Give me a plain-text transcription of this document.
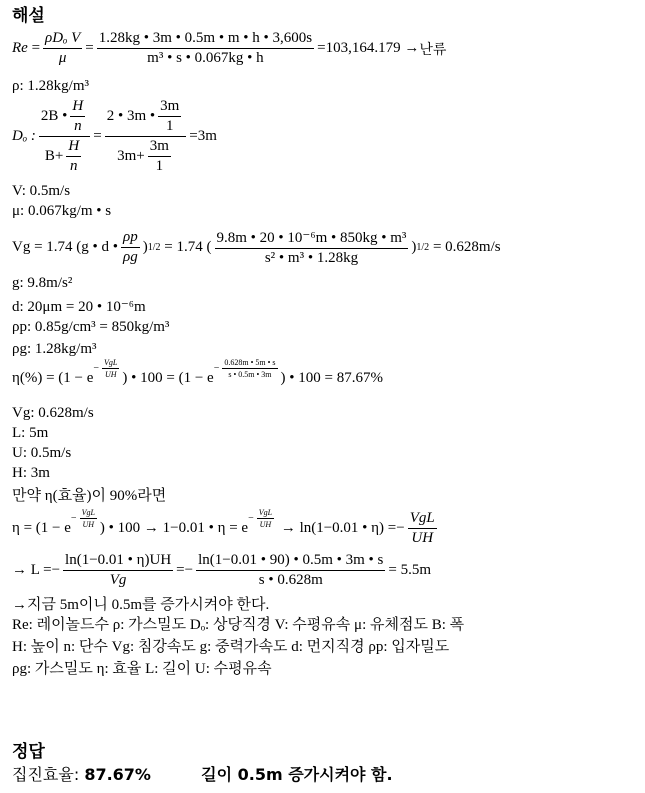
해설
$Re = \frac{\text{ρDₒ V}}{\mu} = \frac{1.28kg • 3m • 0.5m • m • h • 3,600s}{\text{m³ • s • 0.067kg • h}} =103,164.179$
→ 난류
ρ: 1.28kg/m³
Dₒ : $\frac{2B • \frac{H}{n}}{B+ \frac{H}{n}} = \frac{2 • 3m • \frac{3m}{1}}{3m+ \frac{3m}{1}} =3m$
V: 0.5m/s
μ: 0.067kg/m • s
Vg = 1.74 (g • d • $\frac{\rho p}{\rho g}$ ) 1/2
= 1.74 ( $\frac{\text{9.8m • 20 • 10⁻⁶m • 850kg • m³}}{\text{s² • m³ • 1.28kg}}$ ) 1/2
= 0.628m/s
g: 9.8m/s²
d: 20μm = 20 • 10⁻⁶m
ρp: 0.85g/cm³ = 850kg/m³
ρg: 1.28kg/m³
η(%) = (1 − e
− $\frac{\text{VgL}}{UH}$ ) • 100 = (1 − e
− $\frac{0.628m • 5m • s}{s • 0.5m • 3m}$ ) • 100 = 87.67%
Vg: 0.628m/s
L: 5m
U: 0.5m/s
H: 3m
만약 η(효율)이 90%라면
η = (1 − e
− $\frac{\text{VgL}}{UH}$ ) • 100 → 1−0.01 • η = e
− $\frac{\text{VgL}}{UH}$
→ ln(1−0.01 • $\eta) =- \frac{\text{VgL}}{UH}$
→ $L =- \frac{\ln(1-0.01 • \eta)UH}{Vg} =- \frac{\ln(1-0.01 • 90) • 0.5m • 3m • s}{s • 0.628m} = 5.5m$
→지금 5m이니 0.5m를 증가시켜야 한다.
Re: 레이놀드수 ρ: 가스밀도 Dₒ: 상당직경 V: 수평유속 μ: 유체점도 B: 폭
H: 높이 n: 단수 Vg: 침강속도 g: 중력가속도 d: 먼지직경 ρp: 입자밀도
ρg: 가스밀도 η: 효율 L: 길이 U: 수평유속
정답
집진효율: 87.67%	길이 0.5m 증가시켜야 함.
